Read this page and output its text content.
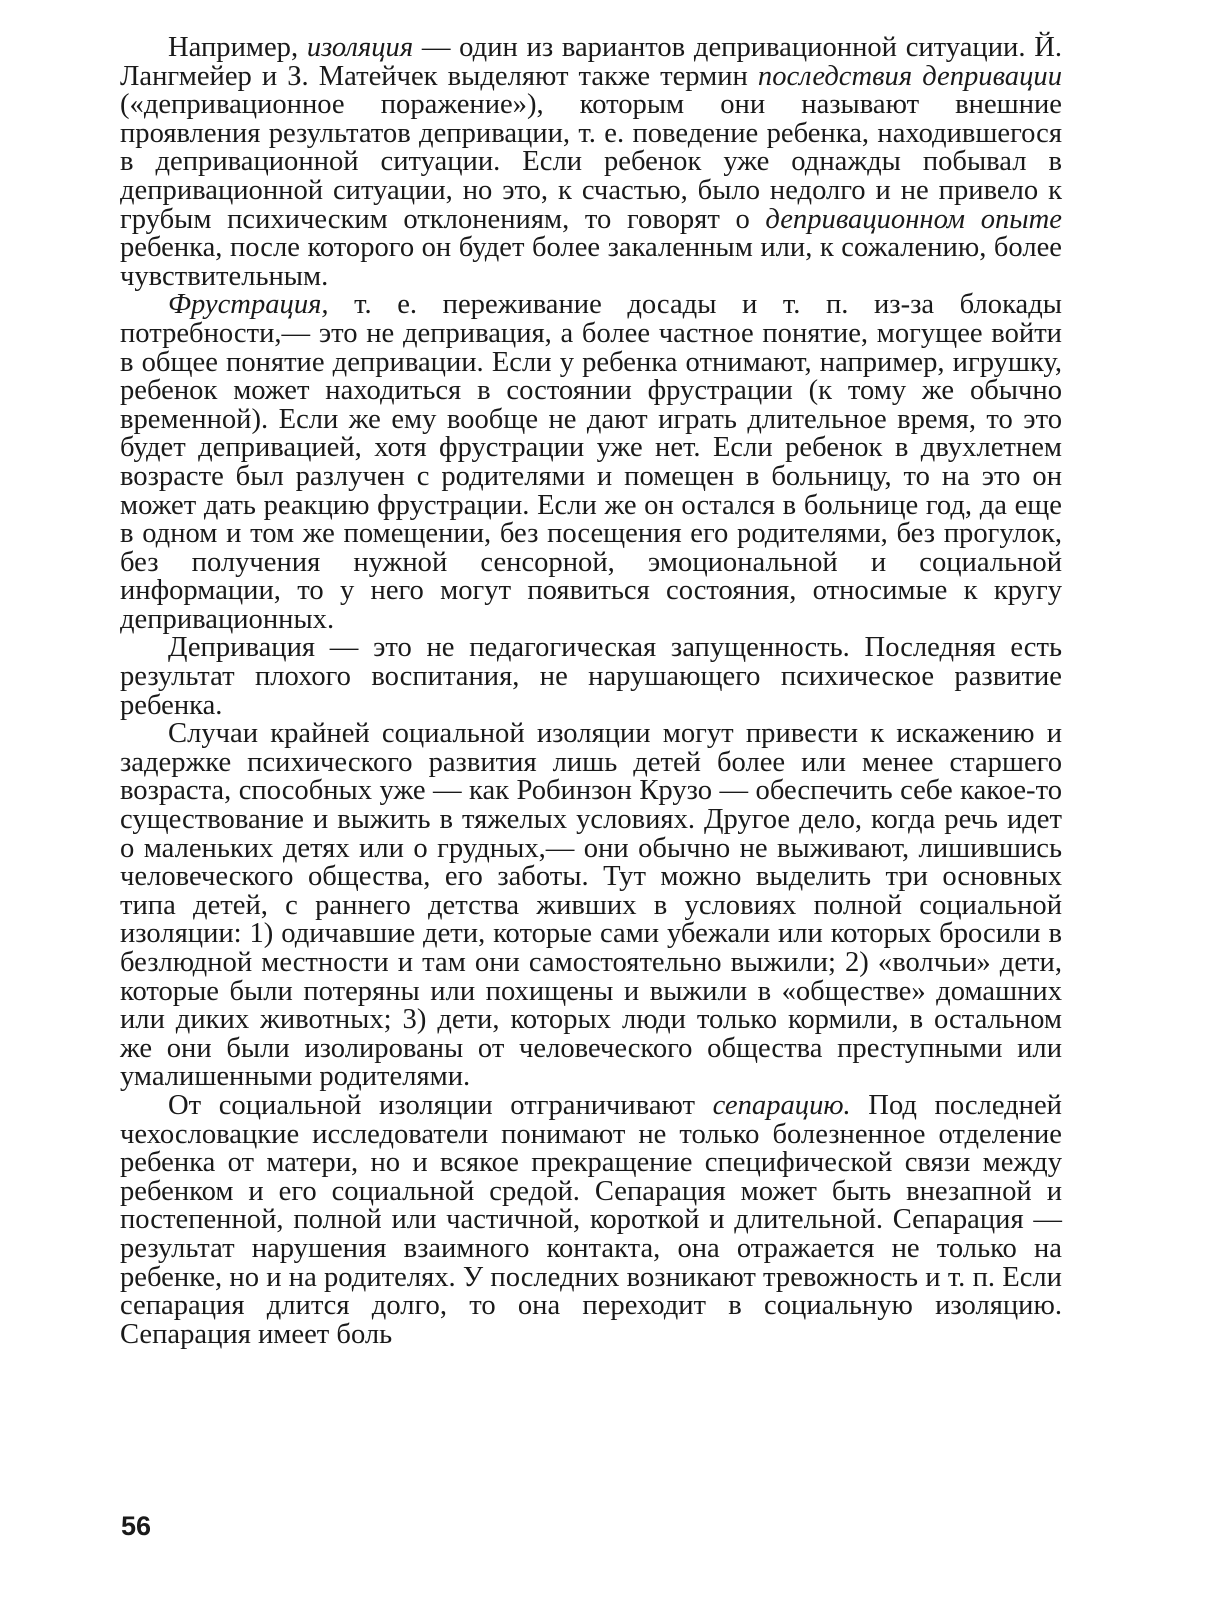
Например, изоляция — один из вариантов депривационной ситуации. Й. Лангмейер и З. Матейчек выделяют также термин последствия депривации («депривационное поражение»), которым они называют внешние проявления результатов депривации, т. е. поведение ребенка, находившегося в депривационной ситуации. Если ребенок уже однажды побывал в депривационной ситуации, но это, к счастью, было недолго и не привело к грубым психическим отклонениям, то говорят о депривационном опыте ребенка, после которого он будет более закаленным или, к сожалению, более чувствительным.

Фрустрация, т. е. переживание досады и т. п. из-за блокады потребности,— это не депривация, а более частное понятие, могущее войти в общее понятие депривации. Если у ребенка отнимают, например, игрушку, ребенок может находиться в состоянии фрустрации (к тому же обычно временной). Если же ему вообще не дают играть длительное время, то это будет депривацией, хотя фрустрации уже нет. Если ребенок в двухлетнем возрасте был разлучен с родителями и помещен в больницу, то на это он может дать реакцию фрустрации. Если же он остался в больнице год, да еще в одном и том же помещении, без посещения его родителями, без прогулок, без получения нужной сенсорной, эмоциональной и социальной информации, то у него могут появиться состояния, относимые к кругу депривационных.

Депривация — это не педагогическая запущенность. Последняя есть результат плохого воспитания, не нарушающего психическое развитие ребенка.

Случаи крайней социальной изоляции могут привести к искажению и задержке психического развития лишь детей более или менее старшего возраста, способных уже — как Робинзон Крузо — обеспечить себе какое-то существование и выжить в тяжелых условиях. Другое дело, когда речь идет о маленьких детях или о грудных,— они обычно не выживают, лишившись человеческого общества, его заботы. Тут можно выделить три основных типа детей, с раннего детства живших в условиях полной социальной изоляции: 1) одичавшие дети, которые сами убежали или которых бросили в безлюдной местности и там они самостоятельно выжили; 2) «волчьи» дети, которые были потеряны или похищены и выжили в «обществе» домашних или диких животных; 3) дети, которых люди только кормили, в остальном же они были изолированы от человеческого общества преступными или умалишенными родителями.

От социальной изоляции отграничивают сепарацию. Под последней чехословацкие исследователи понимают не только болезненное отделение ребенка от матери, но и всякое прекращение специфической связи между ребенком и его социальной средой. Сепарация может быть внезапной и постепенной, полной или частичной, короткой и длительной. Сепарация — результат нарушения взаимного контакта, она отражается не только на ребенке, но и на родителях. У последних возникают тревожность и т. п. Если сепарация длится долго, то она переходит в социальную изоляцию. Сепарация имеет боль

56
